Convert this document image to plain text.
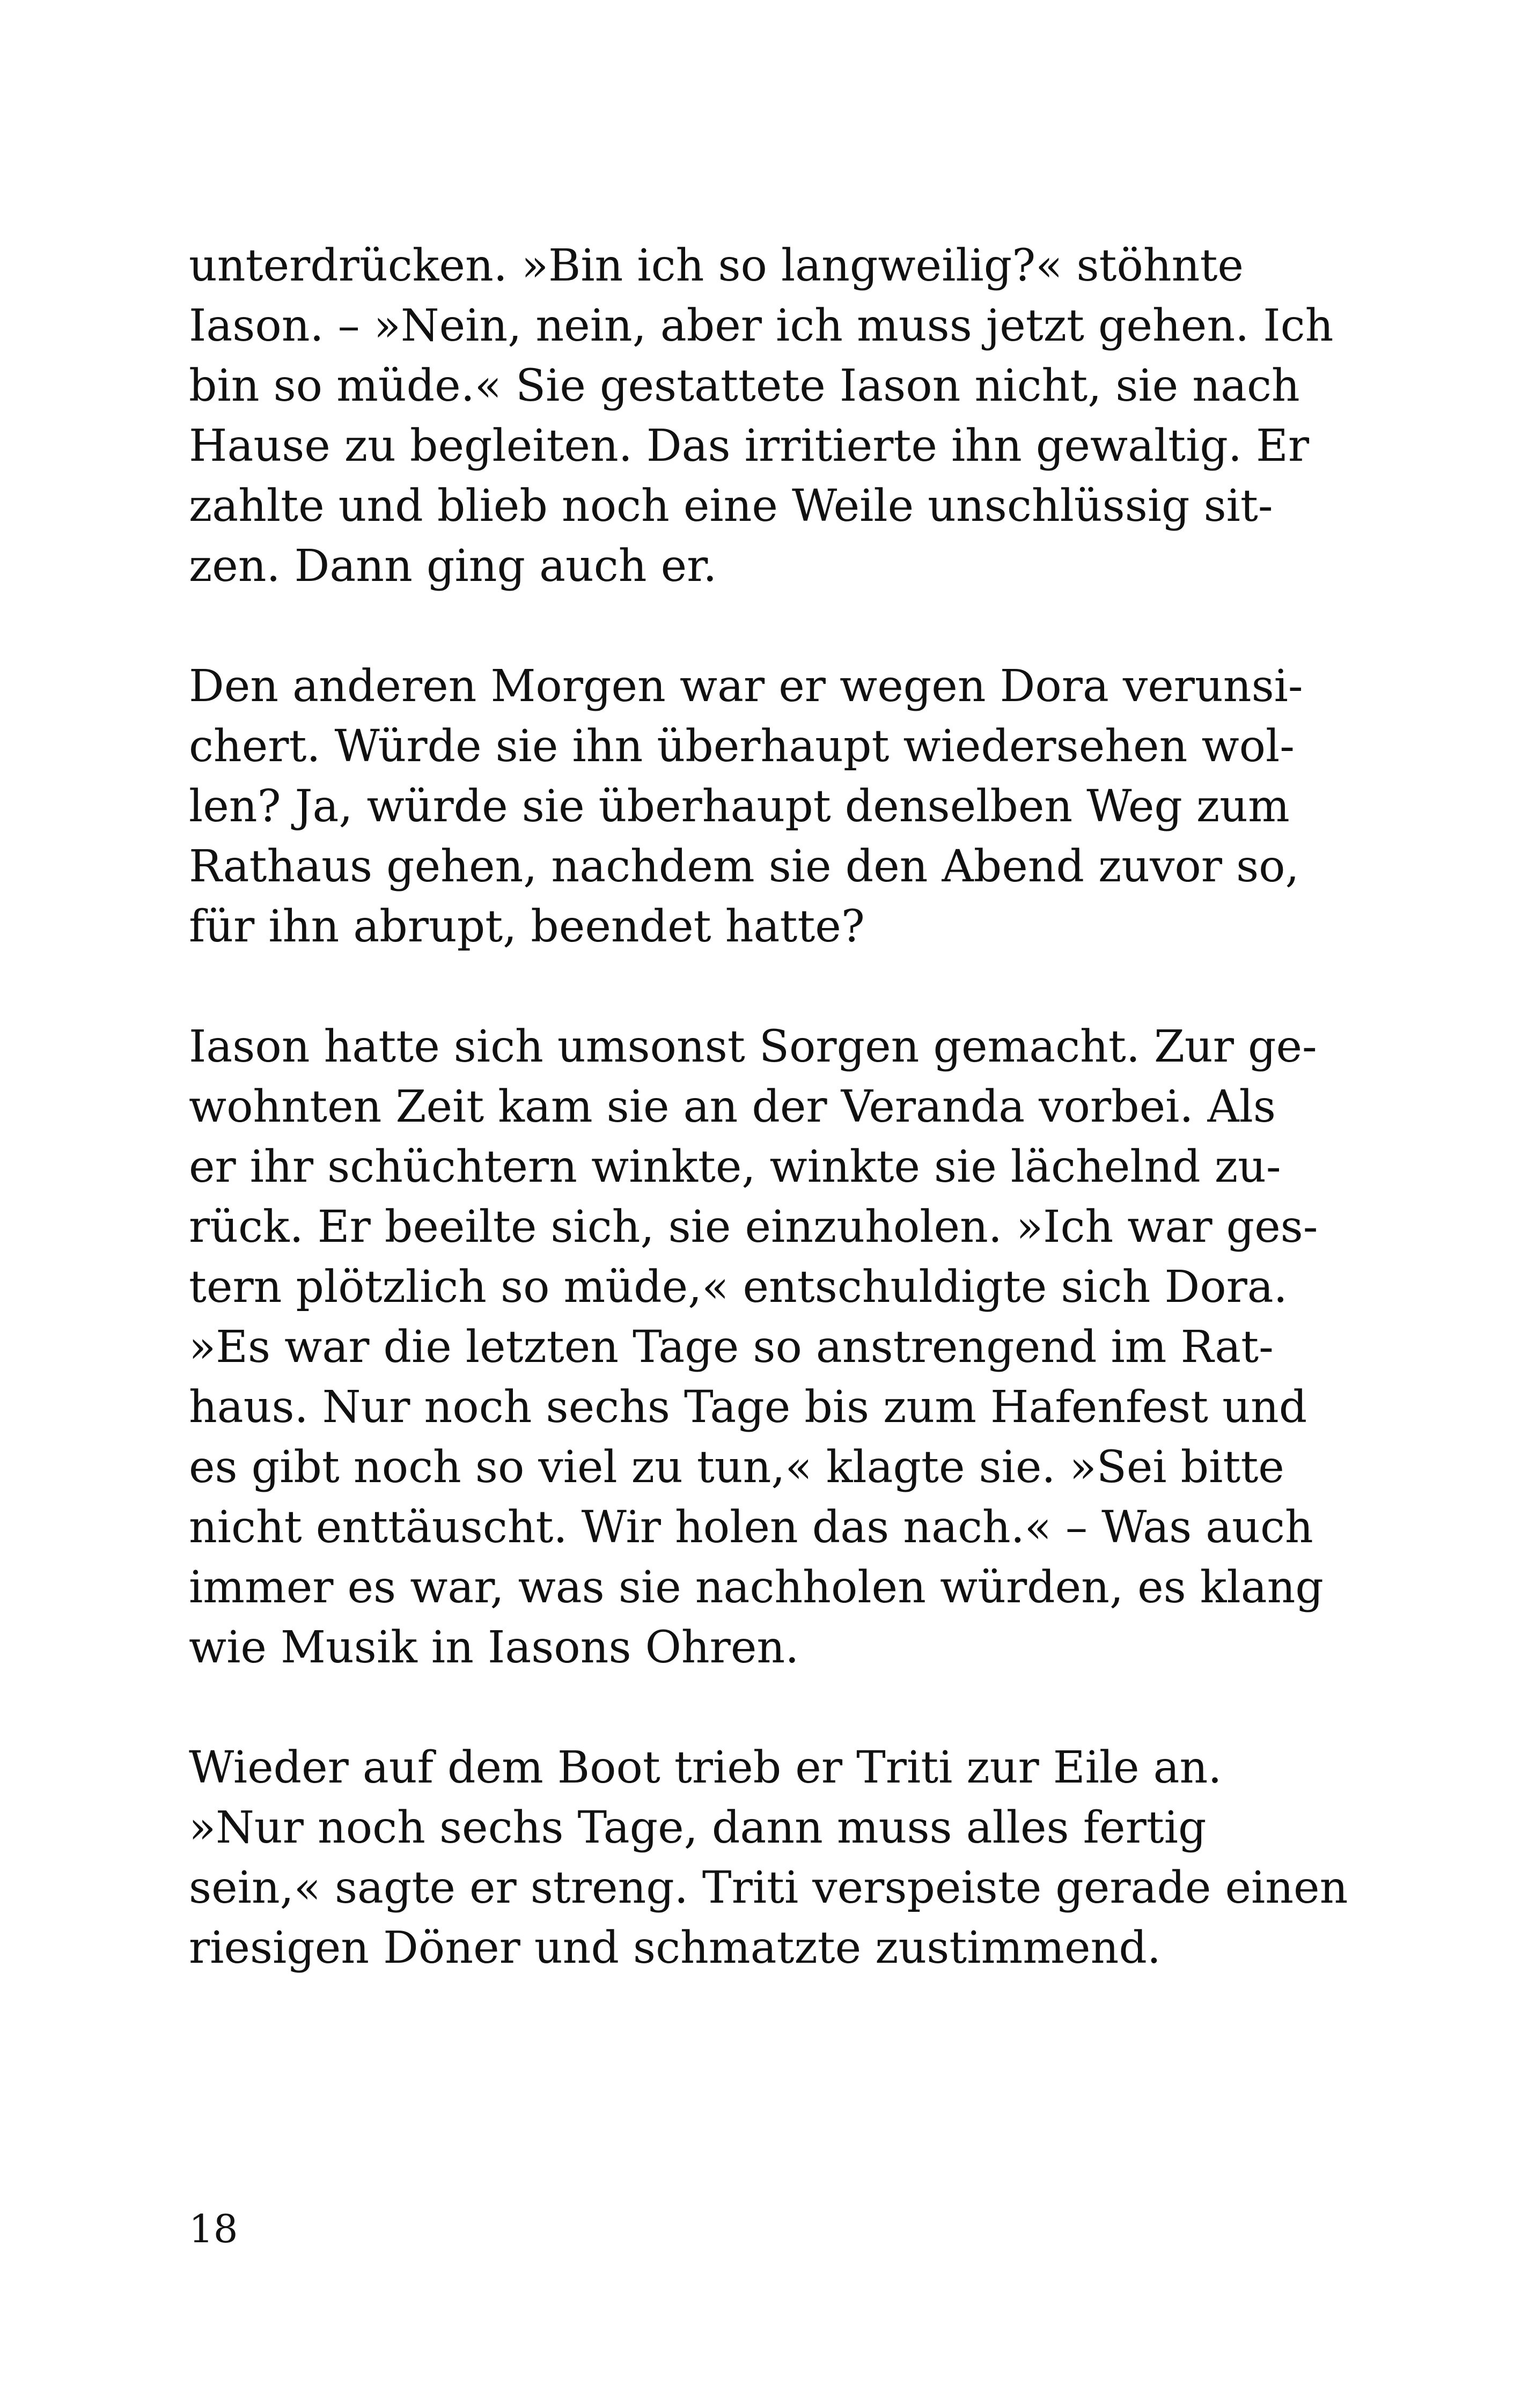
unterdrücken. »Bin ich so langweilig?« stöhnte
Iason. – »Nein, nein, aber ich muss jetzt gehen. Ich
bin so müde.« Sie gestattete Iason nicht, sie nach
Hause zu begleiten. Das irritierte ihn gewaltig. Er
zahlte und blieb noch eine Weile unschlüssig sit-
zen. Dann ging auch er.

Den anderen Morgen war er wegen Dora verunsi-
chert. Würde sie ihn überhaupt wiedersehen wol-
len? Ja, würde sie überhaupt denselben Weg zum
Rathaus gehen, nachdem sie den Abend zuvor so,
für ihn abrupt, beendet hatte?

Iason hatte sich umsonst Sorgen gemacht. Zur ge-
wohnten Zeit kam sie an der Veranda vorbei. Als
er ihr schüchtern winkte, winkte sie lächelnd zu-
rück. Er beeilte sich, sie einzuholen. »Ich war ges-
tern plötzlich so müde,« entschuldigte sich Dora.
»Es war die letzten Tage so anstrengend im Rat-
haus. Nur noch sechs Tage bis zum Hafenfest und
es gibt noch so viel zu tun,« klagte sie. »Sei bitte
nicht enttäuscht. Wir holen das nach.« – Was auch
immer es war, was sie nachholen würden, es klang
wie Musik in Iasons Ohren.

Wieder auf dem Boot trieb er Triti zur Eile an.
»Nur noch sechs Tage, dann muss alles fertig
sein,« sagte er streng. Triti verspeiste gerade einen
riesigen Döner und schmatzte zustimmend.

18
